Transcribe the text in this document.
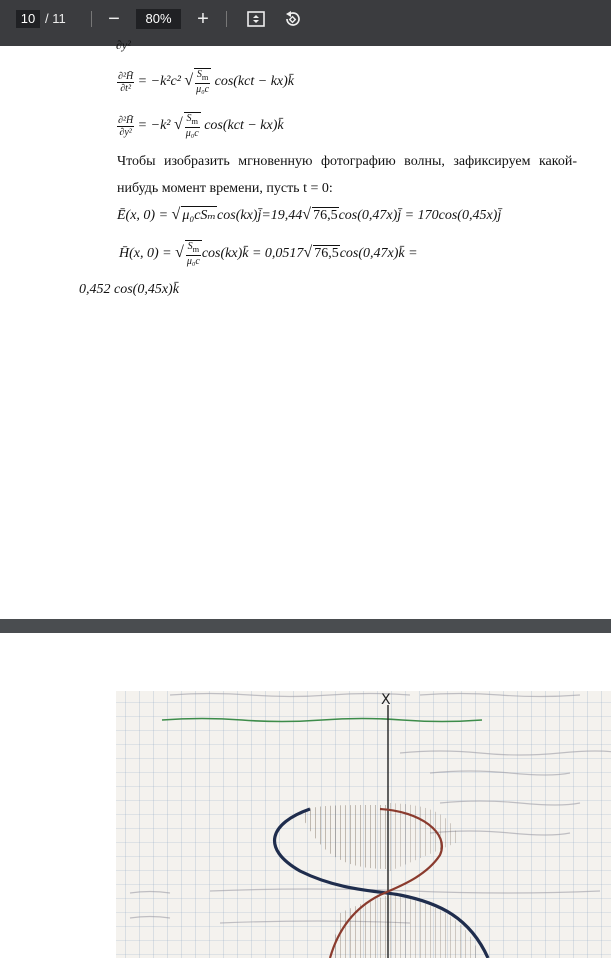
10 / 11	−	80%	+
∂y²
$\frac{\text{∂²H̄}}{\text{∂t²}} = -k^2c^2$ √ $\frac{S_m}{\text{μ₀c}} \cos(kct$ − kx)k̄
$\frac{\text{∂²H̄}}{\text{∂y²}} = -k^2$ √ $\frac{S_m}{\text{μ₀c}} \cos(kct$ − kx)k̄
Чтобы изобразить мгновенную фотографию волны, зафиксируем какой-нибудь момент времени, пусть t = 0:
Ē(x, 0) = √ μ₀cSₘcos(kx)j̄=19,44√ 76,5cos(0,47x)j̄ = 170cos(0,45x)j̄
H̄(x, 0) = √ $\frac{S_m}{\text{μ₀c}}$ cos(kx)k̄ = 0,0517√ 76,5cos(0,47x)k̄ =
0,452 cos(0,45x)k̄
X
